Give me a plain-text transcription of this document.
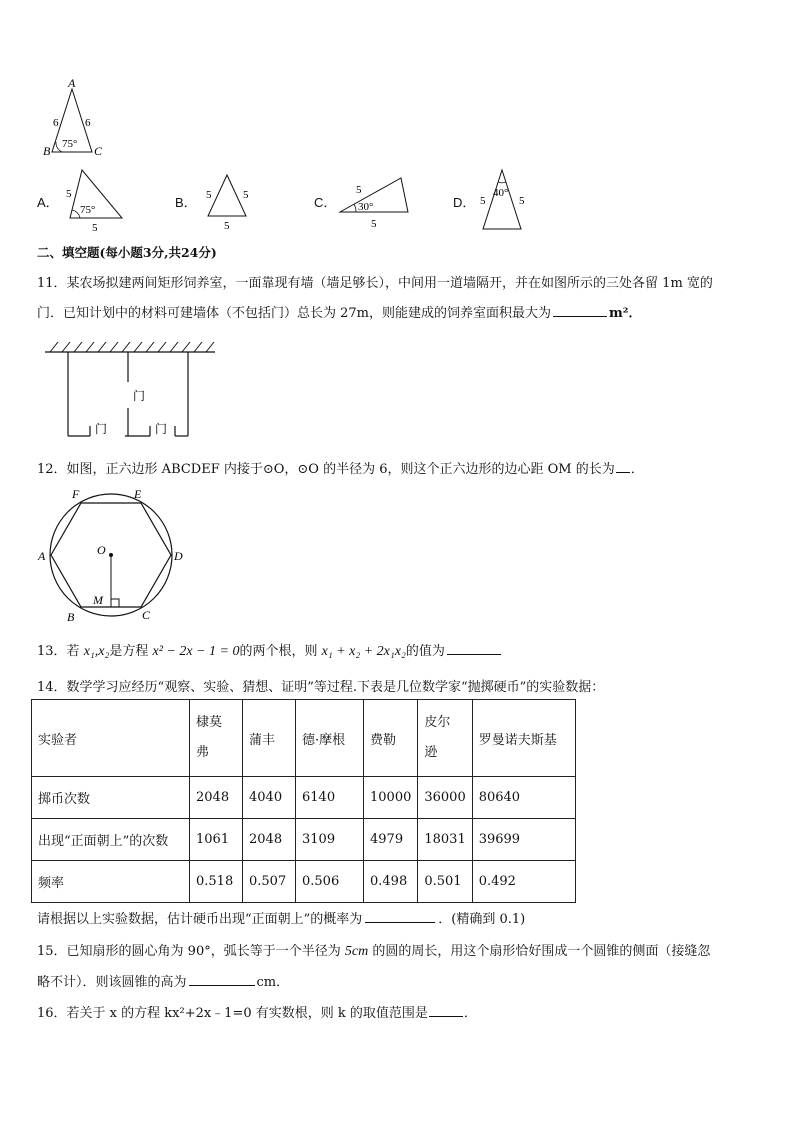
A
B	C
6 6
75°
A．
5
5
75°	B． 5	5
5
C．
5
5
30°	D． 5	5
40°
二、填空题(每小题3分,共24分)
11．某农场拟建两间矩形饲养室，一面靠现有墙（墙足够长），中间用一道墙隔开，并在如图所示的三处各留 1m 宽的
门．已知计划中的材料可建墙体（不包括门）总长为 27m，则能建成的饲养室面积最大为	m²．
门
门	门
12．如图，正六边形 ABCDEF 内接于⊙O，⊙O 的半径为 6，则这个正六边形的边心距 OM 的长为 ．
F	E
A	D
O
M
B	C
13．若 x₁,x₂是方程 x² − 2x − 1 = 0的两个根，则 x₁ + x₂ + 2x₁x₂的值为
14．数学学习应经历“观察、实验、猜想、证明”等过程.下表是几位数学家“抛掷硬币”的实验数据：
实验者	棣莫弗	蒲丰	德·摩根	费勒	皮尔逊	罗曼诺夫斯基
掷币次数	2048	4040	6140	10000	36000	80640
出现“正面朝上”的次数	1061	2048	3109	4979	18031	39699
频率	0.518	0.507	0.506	0.498	0.501	0.492
请根据以上实验数据，估计硬币出现“正面朝上”的概率为	．(精确到 0.1)
15．已知扇形的圆心角为 90°，弧长等于一个半径为 5cm 的圆的周长，用这个扇形恰好围成一个圆锥的侧面（接缝忽
略不计）．则该圆锥的高为	cm．
16．若关于 x 的方程 kx²+2x﹣1=0 有实数根，则 k 的取值范围是	．
